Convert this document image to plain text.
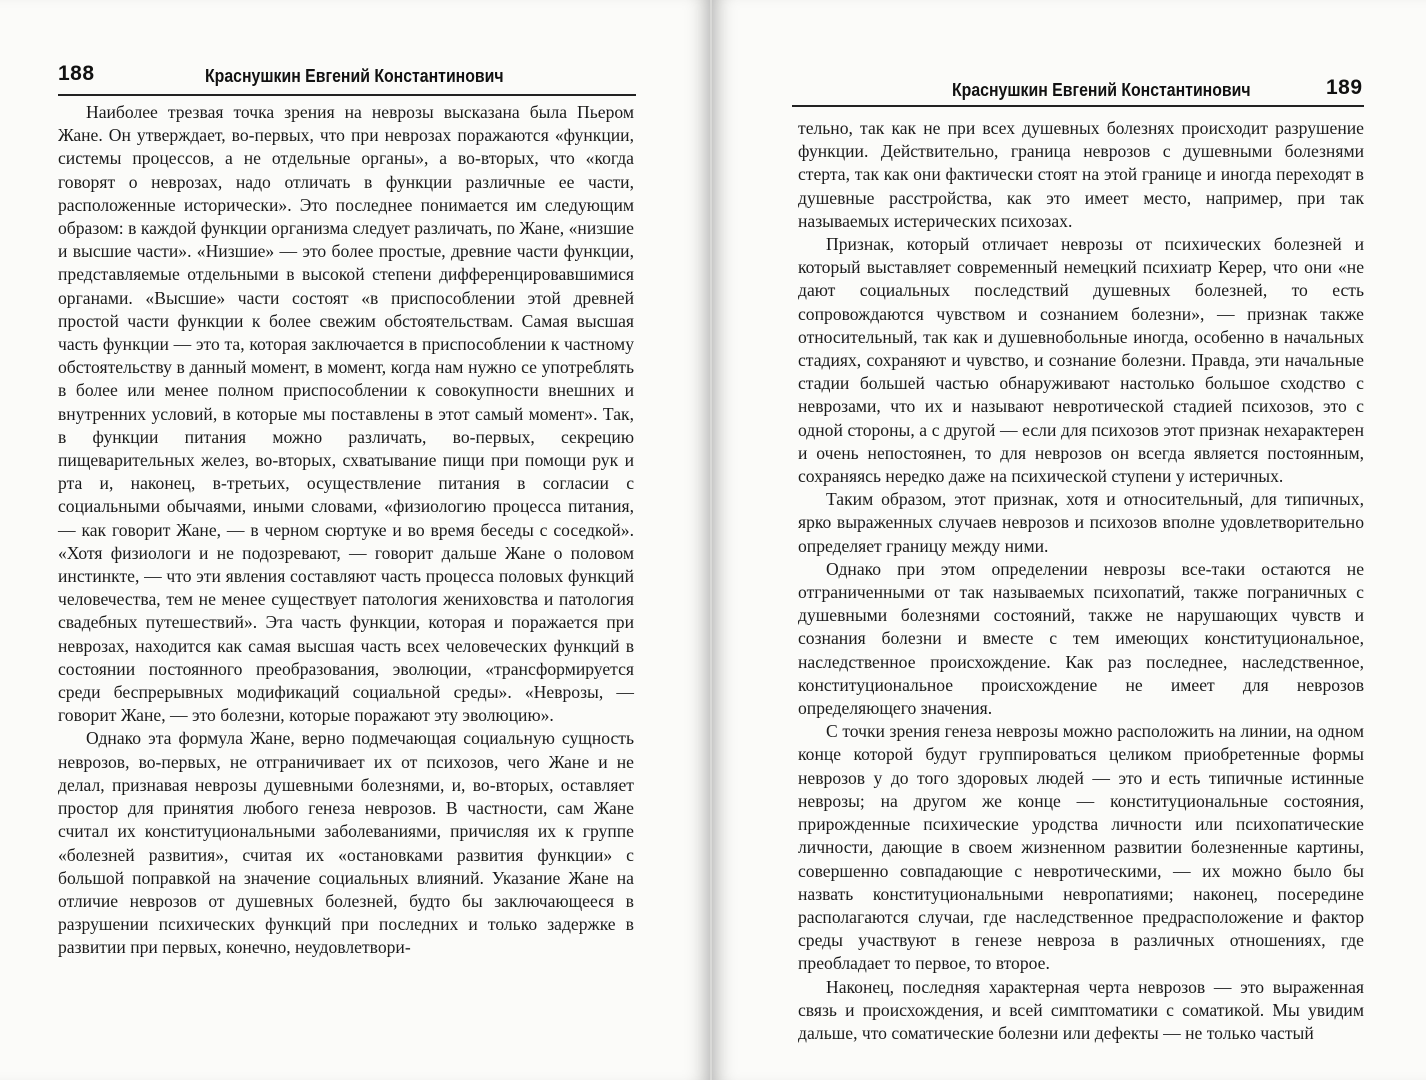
188	Краснушкин Евгений Константинович

Наиболее трезвая точка зрения на неврозы высказана была Пьером Жане. Он утверждает, во-первых, что при неврозах поражаются «функции, системы процессов, а не отдельные органы», а во-вторых, что «когда говорят о неврозах, надо отличать в функции различные ее части, расположенные исторически». Это последнее понимается им следующим образом: в каждой функции организма следует различать, по Жане, «низшие и высшие части». «Низшие» — это более простые, древние части функции, представляемые отдельными в высокой степени дифференцировавшимися органами. «Высшие» части состоят «в приспособлении этой древней простой части функции к более свежим обстоятельствам. Самая высшая часть функции — это та, которая заключается в приспособлении к частному обстоятельству в данный момент, в момент, когда нам нужно се употреблять в более или менее полном приспособлении к совокупности внешних и внутренних условий, в которые мы поставлены в этот самый момент». Так, в функции питания можно различать, во-первых, секрецию пищеварительных желез, во-вторых, схватывание пищи при помощи рук и рта и, наконец, в-третьих, осуществление питания в согласии с социальными обычаями, иными словами, «физиологию процесса питания, — как говорит Жане, — в черном сюртуке и во время беседы с соседкой». «Хотя физиологи и не подозревают, — говорит дальше Жане о половом инстинкте, — что эти явления составляют часть процесса половых функций человечества, тем не менее существует патология жениховства и патология свадебных путешествий». Эта часть функции, которая и поражается при неврозах, находится как самая высшая часть всех человеческих функций в состоянии постоянного преобразования, эволюции, «трансформируется среди беспрерывных модификаций социальной среды». «Неврозы, — говорит Жане, — это болезни, которые поражают эту эволюцию».

Однако эта формула Жане, верно подмечающая социальную сущность неврозов, во-первых, не отграничивает их от психозов, чего Жане и не делал, признавая неврозы душевными болезнями, и, во-вторых, оставляет простор для принятия любого генеза неврозов. В частности, сам Жане считал их конституциональными заболеваниями, причисляя их к группе «болезней развития», считая их «остановками развития функции» с большой поправкой на значение социальных влияний. Указание Жане на отличие неврозов от душевных болезней, будто бы заключающееся в разрушении психических функций при последних и только задержке в развитии при первых, конечно, неудовлетвори-

Краснушкин Евгений Константинович	189

тельно, так как не при всех душевных болезнях происходит разрушение функции. Действительно, граница неврозов с душевными болезнями стерта, так как они фактически стоят на этой границе и иногда переходят в душевные расстройства, как это имеет место, например, при так называемых истерических психозах.

Признак, который отличает неврозы от психических болезней и который выставляет современный немецкий психиатр Керер, что они «не дают социальных последствий душевных болезней, то есть сопровождаются чувством и сознанием болезни», — признак также относительный, так как и душевнобольные иногда, особенно в начальных стадиях, сохраняют и чувство, и сознание болезни. Правда, эти начальные стадии большей частью обнаруживают настолько большое сходство с неврозами, что их и называют невротической стадией психозов, это с одной стороны, а с другой — если для психозов этот признак нехарактерен и очень непостоянен, то для неврозов он всегда является постоянным, сохраняясь нередко даже на психической ступени у истеричных.

Таким образом, этот признак, хотя и относительный, для типичных, ярко выраженных случаев неврозов и психозов вполне удовлетворительно определяет границу между ними.

Однако при этом определении неврозы все-таки остаются не отграниченными от так называемых психопатий, также пограничных с душевными болезнями состояний, также не нарушающих чувств и сознания болезни и вместе с тем имеющих конституциональное, наследственное происхождение. Как раз последнее, наследственное, конституциональное происхождение не имеет для неврозов определяющего значения.

С точки зрения генеза неврозы можно расположить на линии, на одном конце которой будут группироваться целиком приобретенные формы неврозов у до того здоровых людей — это и есть типичные истинные неврозы; на другом же конце — конституциональные состояния, прирожденные психические уродства личности или психопатические личности, дающие в своем жизненном развитии болезненные картины, совершенно совпадающие с невротическими, — их можно было бы назвать конституциональными невропатиями; наконец, посередине располагаются случаи, где наследственное предрасположение и фактор среды участвуют в генезе невроза в различных отношениях, где преобладает то первое, то второе.

Наконец, последняя характерная черта неврозов — это выраженная связь и происхождения, и всей симптоматики с соматикой. Мы увидим дальше, что соматические болезни или дефекты — не только частый
